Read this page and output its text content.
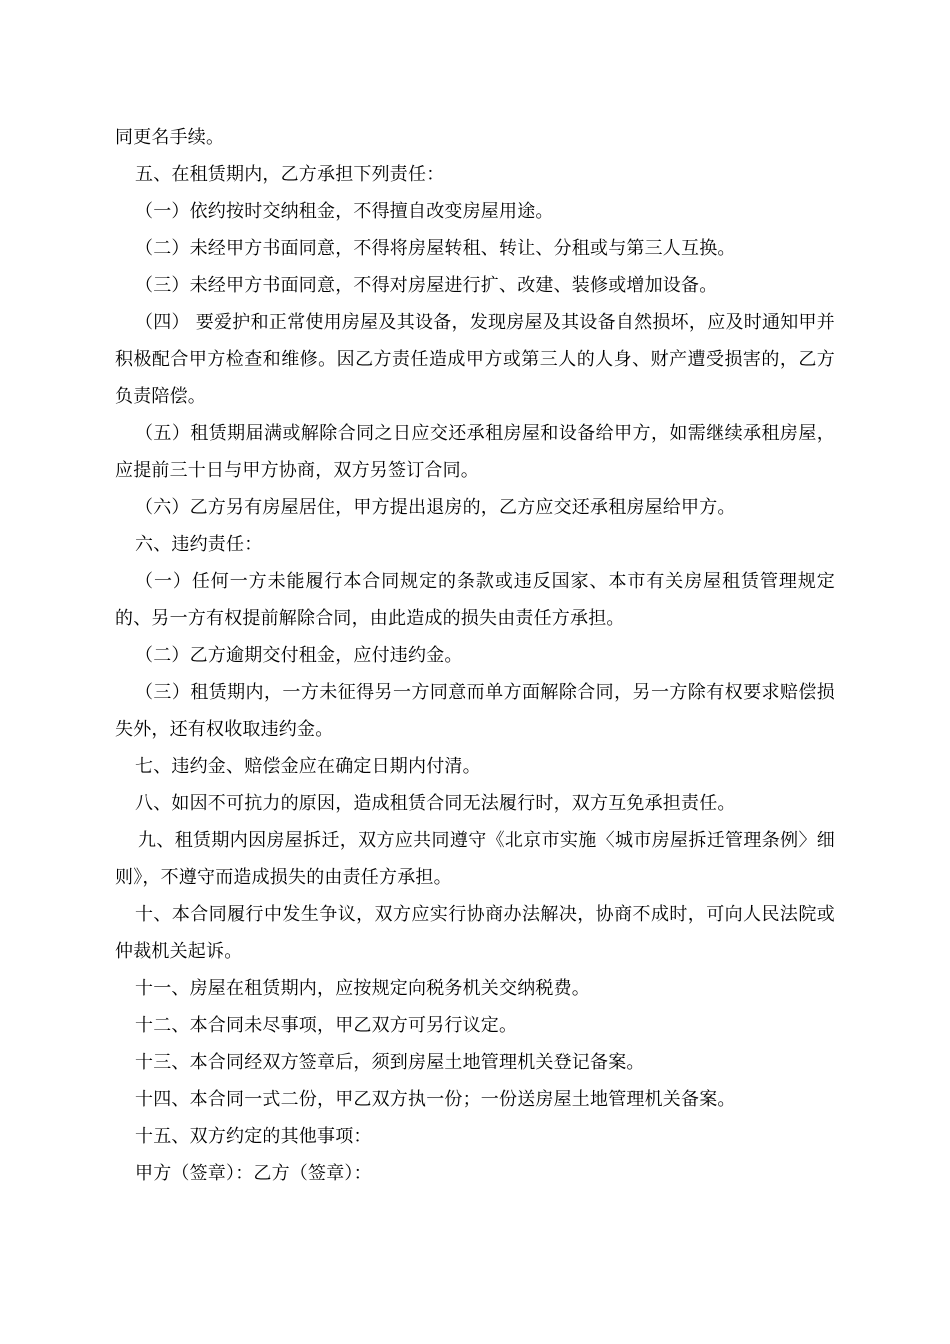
同更名手续。

五、在租赁期内，乙方承担下列责任：

（一）依约按时交纳租金，不得擅自改变房屋用途。

（二）未经甲方书面同意，不得将房屋转租、转让、分租或与第三人互换。

（三）未经甲方书面同意，不得对房屋进行扩、改建、装修或增加设备。

（四） 要爱护和正常使用房屋及其设备，发现房屋及其设备自然损坏，应及时通知甲并积极配合甲方检查和维修。因乙方责任造成甲方或第三人的人身、财产遭受损害的，乙方负责陪偿。

（五）租赁期届满或解除合同之日应交还承租房屋和设备给甲方，如需继续承租房屋，应提前三十日与甲方协商，双方另签订合同。

（六）乙方另有房屋居住，甲方提出退房的，乙方应交还承租房屋给甲方。

六、违约责任：

（一）任何一方未能履行本合同规定的条款或违反国家、本市有关房屋租赁管理规定的、另一方有权提前解除合同，由此造成的损失由责任方承担。

（二）乙方逾期交付租金，应付违约金。

（三）租赁期内，一方未征得另一方同意而单方面解除合同，另一方除有权要求赔偿损失外，还有权收取违约金。

七、违约金、赔偿金应在确定日期内付清。

八、如因不可抗力的原因，造成租赁合同无法履行时，双方互免承担责任。

九、租赁期内因房屋拆迁，双方应共同遵守《北京市实施〈城市房屋拆迁管理条例〉细则》，不遵守而造成损失的由责任方承担。

十、本合同履行中发生争议，双方应实行协商办法解决，协商不成时，可向人民法院或仲裁机关起诉。

十一、房屋在租赁期内，应按规定向税务机关交纳税费。

十二、本合同未尽事项，甲乙双方可另行议定。

十三、本合同经双方签章后，须到房屋土地管理机关登记备案。

十四、本合同一式二份，甲乙双方执一份；一份送房屋土地管理机关备案。

十五、双方约定的其他事项：

甲方（签章）：乙方（签章）：
